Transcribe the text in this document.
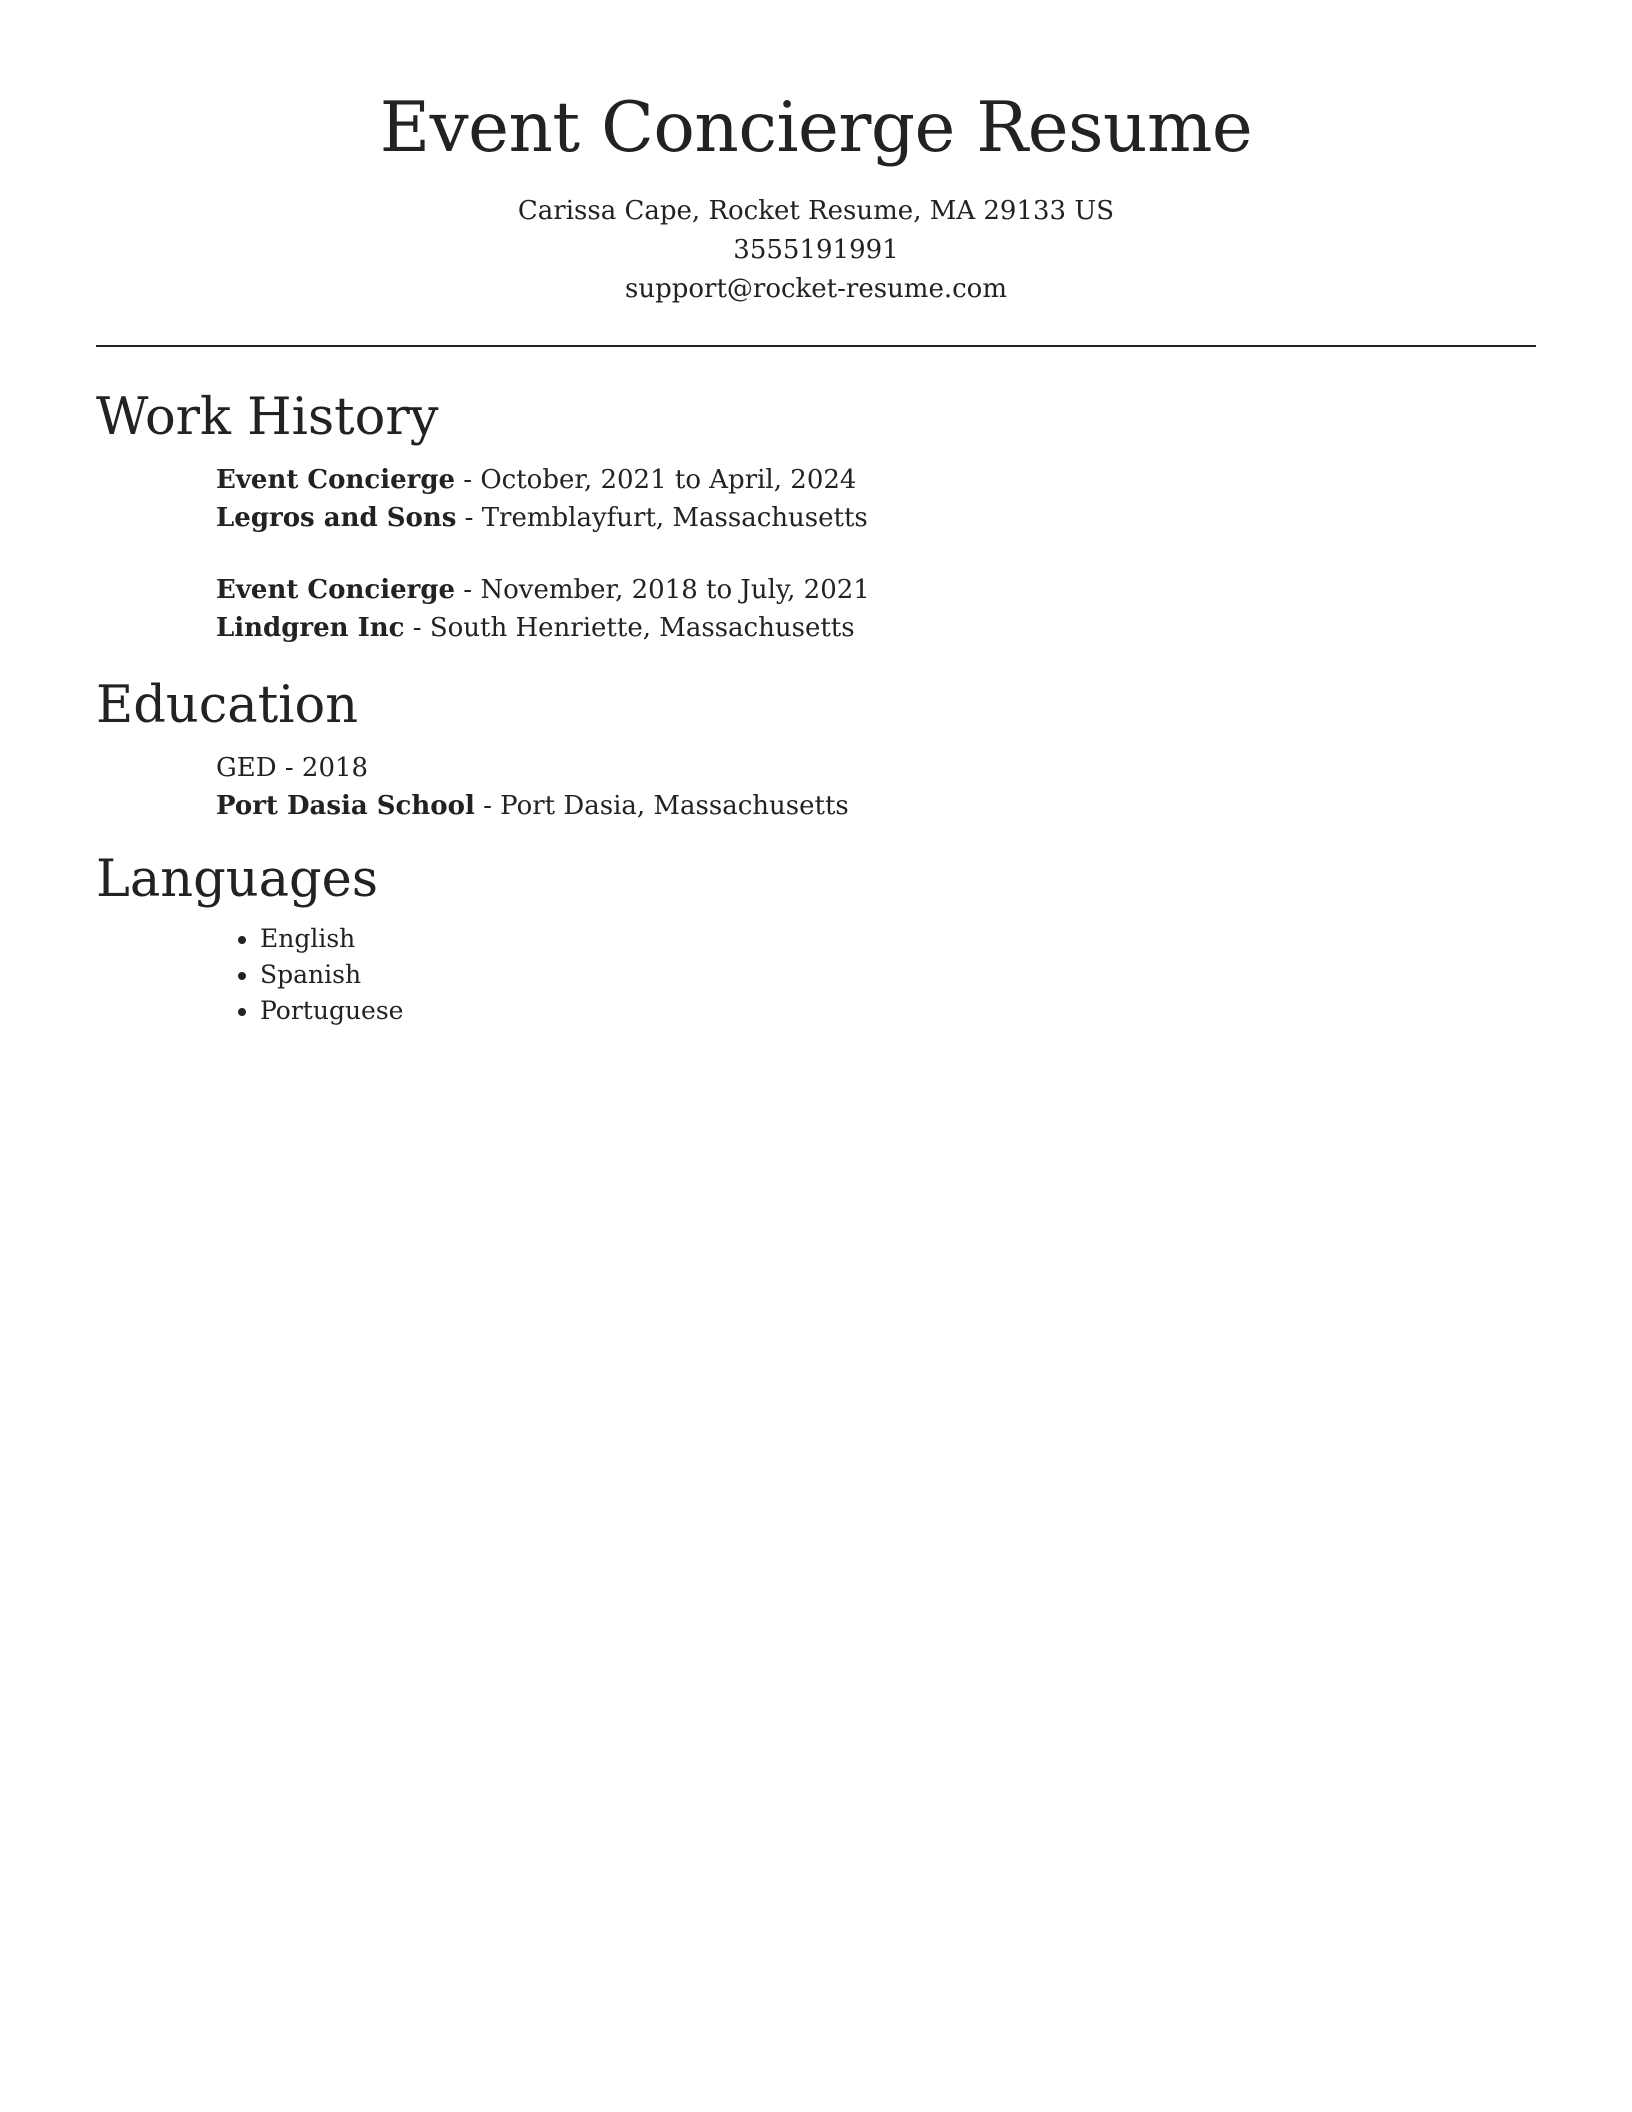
Event Concierge Resume
Carissa Cape, Rocket Resume, MA 29133 US
3555191991
support@rocket-resume.com
Work History
Event Concierge - October, 2021 to April, 2024
Legros and Sons - Tremblayfurt, Massachusetts
Event Concierge - November, 2018 to July, 2021
Lindgren Inc - South Henriette, Massachusetts
Education
GED - 2018
Port Dasia School - Port Dasia, Massachusetts
Languages
• English
• Spanish
• Portuguese
